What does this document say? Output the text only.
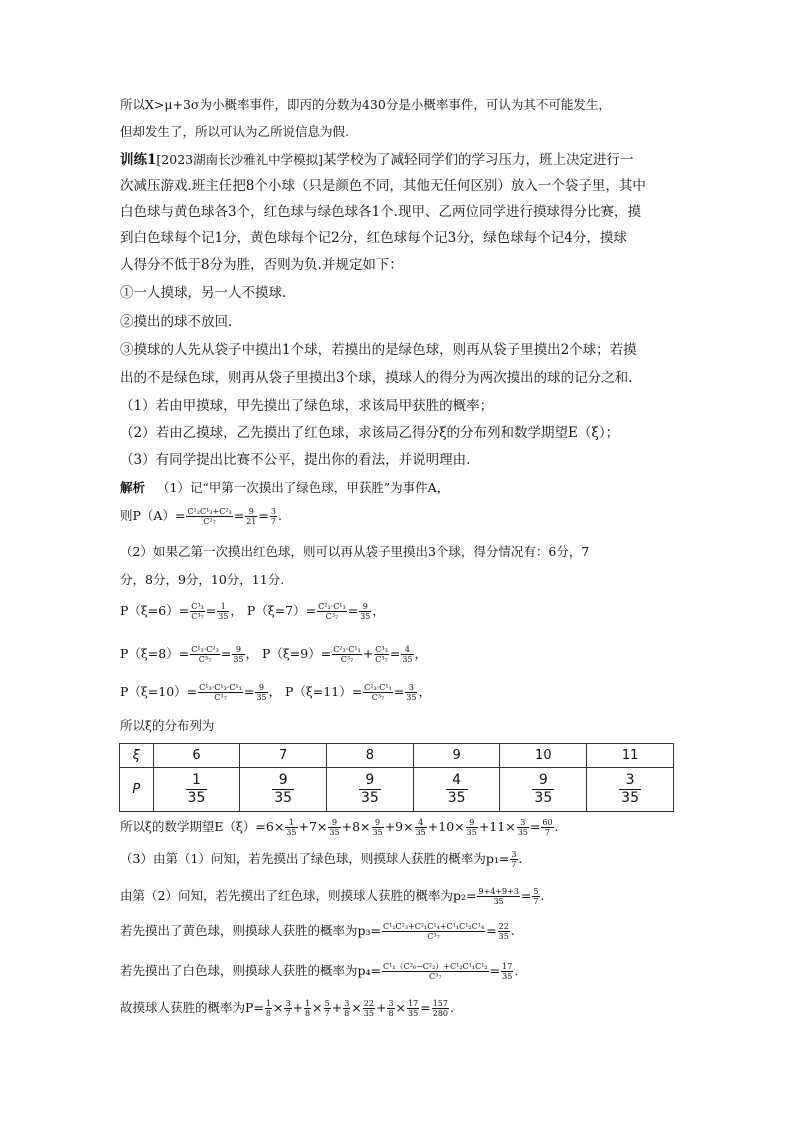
所以X>μ+3σ为小概率事件，即丙的分数为430分是小概率事件，可认为其不可能发生，
但却发生了，所以可认为乙所说信息为假.
训练1[2023湖南长沙雅礼中学模拟]某学校为了减轻同学们的学习压力，班上决定进行一
次减压游戏.班主任把8个小球（只是颜色不同，其他无任何区别）放入一个袋子里，其中
白色球与黄色球各3个，红色球与绿色球各1个.现甲、乙两位同学进行摸球得分比赛，摸
到白色球每个记1分，黄色球每个记2分，红色球每个记3分，绿色球每个记4分，摸球
人得分不低于8分为胜，否则为负.并规定如下：
①一人摸球，另一人不摸球.
②摸出的球不放回.
③摸球的人先从袋子中摸出1个球，若摸出的是绿色球，则再从袋子里摸出2个球；若摸
出的不是绿色球，则再从袋子里摸出3个球，摸球人的得分为两次摸出的球的记分之和.
（1）若由甲摸球，甲先摸出了绿色球，求该局甲获胜的概率；
（2）若由乙摸球，乙先摸出了红色球，求该局乙得分ξ的分布列和数学期望E（ξ）；
（3）有同学提出比赛不公平，提出你的看法，并说明理由.
解析 （1）记“甲第一次摸出了绿色球，甲获胜”为事件A，
则$P(A)= \frac{\text{C¹₂C¹₃+C²₃}}{\text{C²₇}} = \frac{9}{21} = \frac{3}{7}$ .
（2）如果乙第一次摸出红色球，则可以再从袋子里摸出3个球，得分情况有：6分，7
分，8分，9分，10分，11分.
$P(\xi=6)= \frac{\text{C³₃}}{\text{C³₇}} = \frac{1}{35}$ ， $P(\xi=7)= \frac{\text{C²₃·C¹₃}}{\text{C³₇}} = \frac{9}{35}$ ，
$P(\xi=8)= \frac{\text{C¹₃·C²₃}}{\text{C³₇}} = \frac{9}{35}$ ， $P(\xi=9)= \frac{\text{C²₃·C¹₁}}{\text{C³₇}} + \frac{\text{C³₃}}{\text{C³₇}} = \frac{4}{35}$ ，
$P(\xi=10)= \frac{\text{C¹₃·C¹₃·C¹₁}}{\text{C³₇}} = \frac{9}{35}$ ， $P(\xi=11)= \frac{\text{C²₃·C¹₁}}{\text{C³₇}} = \frac{3}{35}$ ，
所以ξ的分布列为
ξ	6	7	8	9	10	11
P	$\frac{1}{35}$	$\frac{9}{35}$	$\frac{9}{35}$	$\frac{4}{35}$	$\frac{9}{35}$	$\frac{3}{35}$
所以ξ的数学期望$E(\xi)=6\times \frac{1}{35} +7\times \frac{9}{35} +8\times \frac{9}{35} +9\times \frac{4}{35} +10\times \frac{9}{35} +11\times \frac{3}{35} = \frac{60}{7}$ .
（3）由第（1）问知，若先摸出了绿色球，则摸球人获胜的概率为$p_1= \frac{3}{7}$ .
由第（2）问知，若先摸出了红色球，则摸球人获胜的概率为$p_2= \frac{9+4+9+3}{35} = \frac{5}{7}$ .
若先摸出了黄色球，则摸球人获胜的概率为$p_3= \frac{\text{C¹₁C²₃+C²₁C¹₄+C¹₁C¹₂C¹₄}}{\text{C³₇}} = \frac{22}{35}$ .
若先摸出了白色球，则摸球人获胜的概率为$p_4= \frac{\text{C¹₁（C²₆−C²₂）+C¹₂C¹₁C¹₂}}{\text{C³₇}} = \frac{17}{35}$ .
故摸球人获胜的概率为$P= \frac{1}{8} \times \frac{3}{7} + \frac{1}{8} \times \frac{5}{7} + \frac{3}{8} \times \frac{22}{35} + \frac{3}{8} \times \frac{17}{35} = \frac{157}{280}$ .
